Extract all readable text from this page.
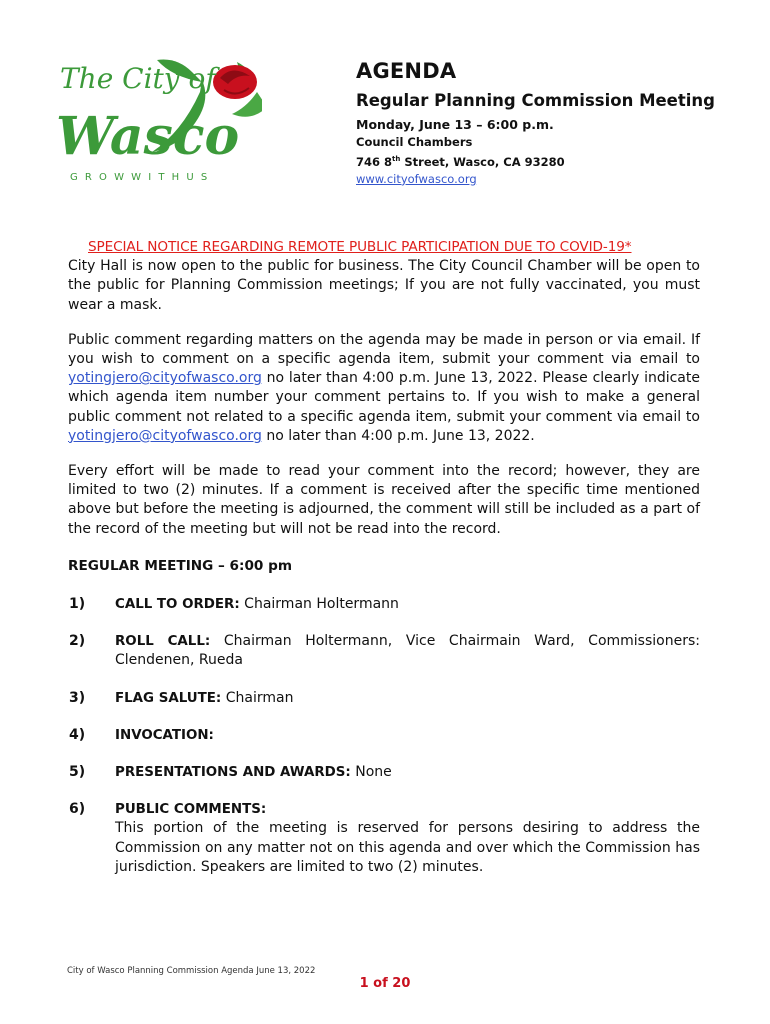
The City of
Wasco
G R O W W I T H U S
AGENDA
Regular Planning Commission Meeting
Monday, June 13 – 6:00 p.m.
Council Chambers
746 8th Street, Wasco, CA 93280
www.cityofwasco.org
SPECIAL NOTICE REGARDING REMOTE PUBLIC PARTICIPATION DUE TO COVID-19*

City Hall is now open to the public for business. The City Council Chamber will be open to the public for Planning Commission meetings; If you are not fully vaccinated, you must wear a mask.

Public comment regarding matters on the agenda may be made in person or via email. If you wish to comment on a specific agenda item, submit your comment via email to yotingjero@cityofwasco.org no later than 4:00 p.m. June 13, 2022. Please clearly indicate which agenda item number your comment pertains to. If you wish to make a general public comment not related to a specific agenda item, submit your comment via email to yotingjero@cityofwasco.org no later than 4:00 p.m. June 13, 2022.

Every effort will be made to read your comment into the record; however, they are limited to two (2) minutes. If a comment is received after the specific time mentioned above but before the meeting is adjourned, the comment will still be included as a part of the record of the meeting but will not be read into the record.

REGULAR MEETING – 6:00 pm
1)	CALL TO ORDER: Chairman Holtermann
2)	ROLL CALL: Chairman Holtermann, Vice Chairmain Ward, Commissioners: Clendenen, Rueda
3)	FLAG SALUTE: Chairman
4)	INVOCATION:
5)	PRESENTATIONS AND AWARDS: None
6)	PUBLIC COMMENTS:
This portion of the meeting is reserved for persons desiring to address the Commission on any matter not on this agenda and over which the Commission has jurisdiction. Speakers are limited to two (2) minutes.
City of Wasco Planning Commission Agenda June 13, 2022
1 of 20
